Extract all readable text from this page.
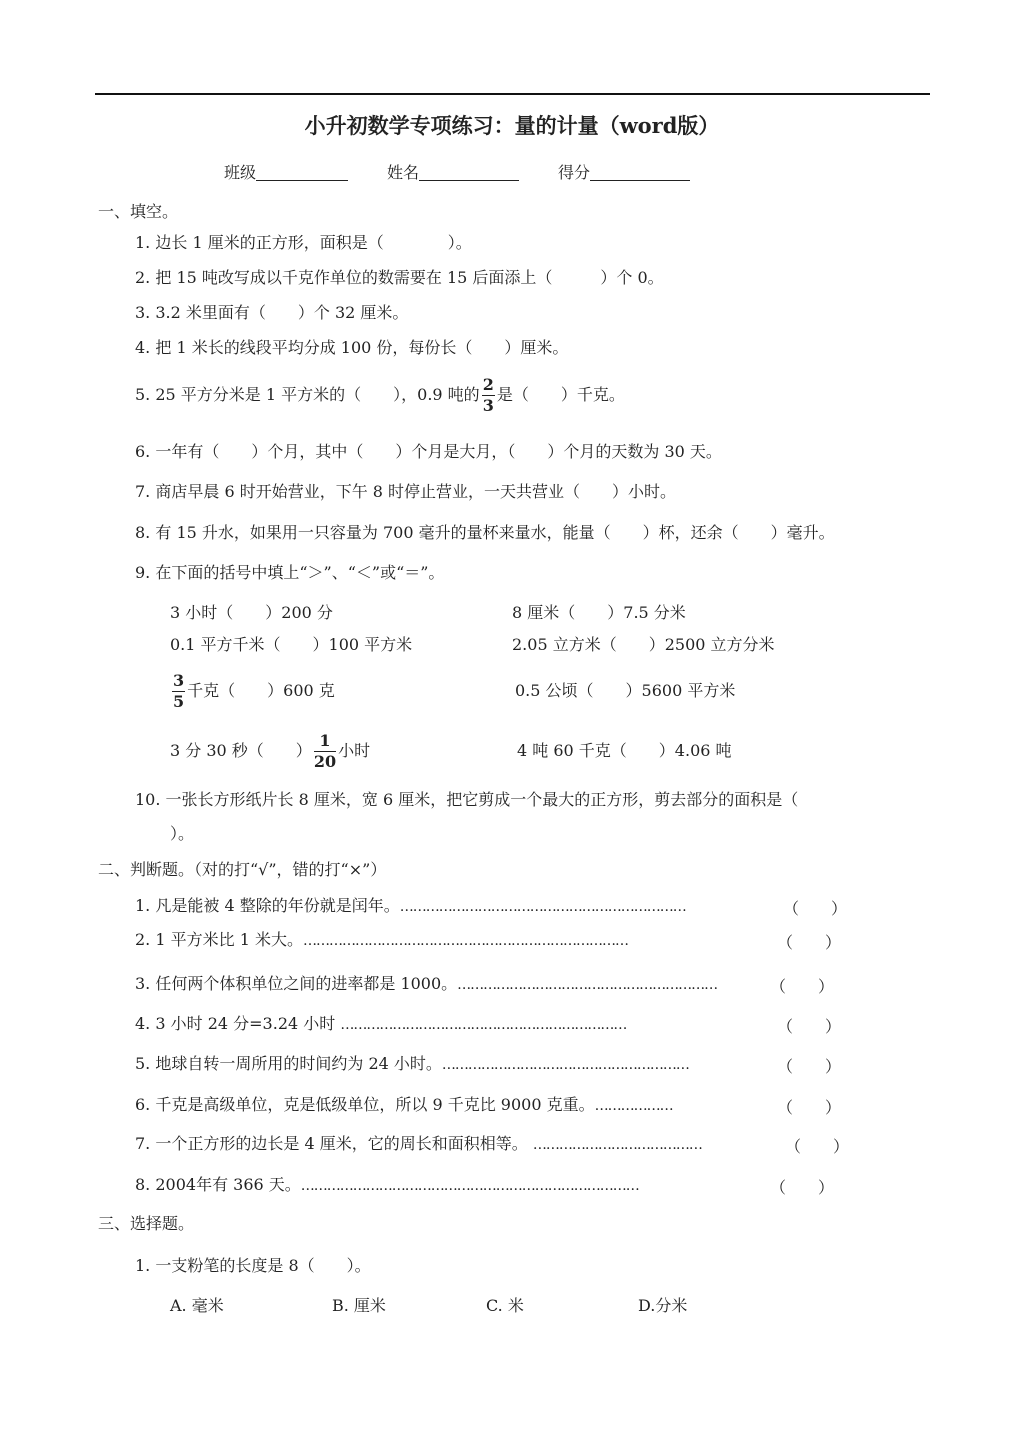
小升初数学专项练习：量的计量（word版）
班级	姓名	得分
一、填空。
1. 边长 1 厘米的正方形，面积是（　　　　）。
2. 把 15 吨改写成以千克作单位的数需要在 15 后面添上（　　　）个 0。
3. 3.2 米里面有（　　）个 32 厘米。
4. 把 1 米长的线段平均分成 100 份，每份长（　　）厘米。
5. 25 平方分米是 1 平方米的（　　），0.9 吨的 $\frac{2}{3}$ 是（　　）千克。
6. 一年有（　　）个月，其中（　　）个月是大月，（　　）个月的天数为 30 天。
7. 商店早晨 6 时开始营业，下午 8 时停止营业，一天共营业（　　）小时。
8. 有 15 升水，如果用一只容量为 700 毫升的量杯来量水，能量（　　）杯，还余（　　）毫升。
9. 在下面的括号中填上“＞”、“＜”或“＝”。
3 小时（　　）200 分	8 厘米（　　）7.5 分米
0.1 平方千米（　　）100 平方米	2.05 立方米（　　）2500 立方分米
$\frac{3}{5}$ 千克（　　）600 克	0.5 公顷（　　）5600 平方米
3 分 30 秒（　　） $\frac{1}{20}$ 小时	4 吨 60 千克（　　）4.06 吨
10. 一张长方形纸片长 8 厘米，宽 6 厘米，把它剪成一个最大的正方形，剪去部分的面积是（
）。
二、判断题。（对的打“√”，错的打“×”）
1. 凡是能被 4 整除的年份就是闰年。…………………………………………………………	（　　）
2. 1 平方米比 1 米大。…………………………………………………………………	（　　）
3. 任何两个体积单位之间的进率都是 1000。……………………………………………………	（　　）
4. 3 小时 24 分=3.24 小时 …………………………………………………………	（　　）
5. 地球自转一周所用的时间约为 24 小时。…………………………………………………	（　　）
6. 千克是高级单位，克是低级单位，所以 9 千克比 9000 克重。………………	（　　）
7. 一个正方形的边长是 4 厘米，它的周长和面积相等。 …………………………………	（　　）
8. 2004年有 366 天。……………………………………………………………………	（　　）
三、选择题。
1. 一支粉笔的长度是 8（　　）。
A. 毫米	B. 厘米	C. 米	D.分米
